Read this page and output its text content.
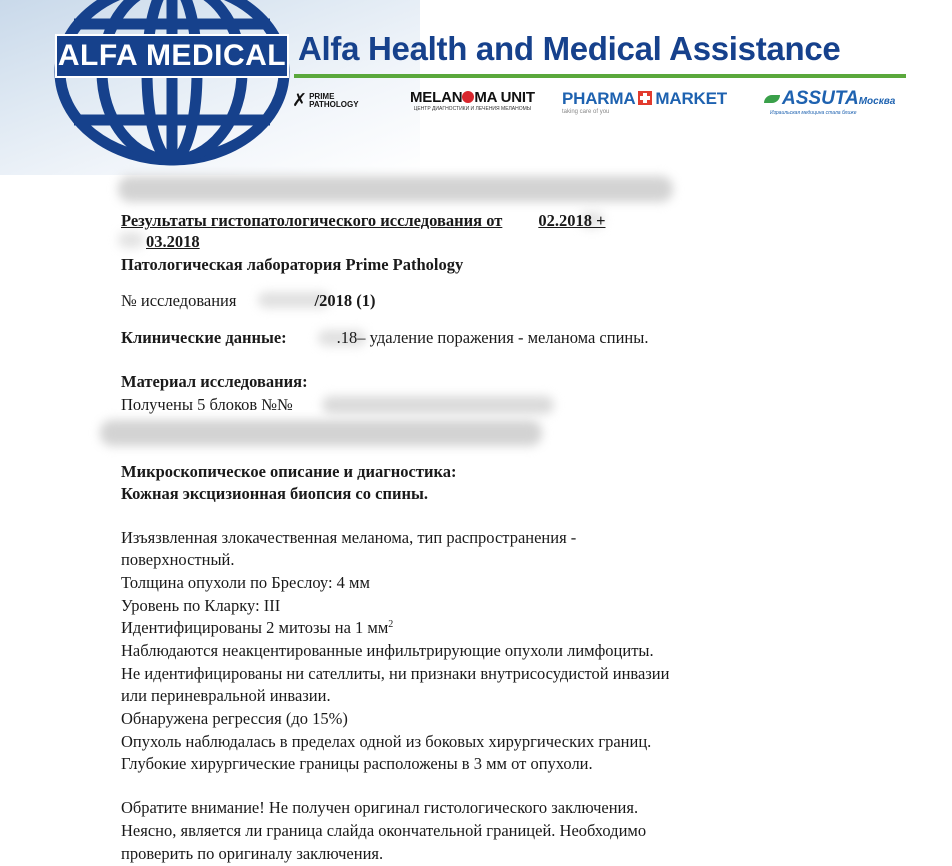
ALFA MEDICAL Alfa Health and Medical Assistance
✗ PRIME
PATHOLOGY	MELAN MA UNIT
ЦЕНТР ДИАГНОСТИКИ И ЛЕЧЕНИЯ МЕЛАНОМЫ
PHARMA MARKET
taking care of you
ASSUTAМосква
Израильская медицина стала ближе
Результаты гистопатологического исследования от 02.2018 +
03.2018
Патологическая лаборатория Prime Pathology
№ исследования	/2018 (1)
Клинические данные:	.18– удаление поражения - меланома спины.
Материал исследования:
Получены 5 блоков №№
Микроскопическое описание и диагностика:
Кожная эксцизионная биопсия со спины.
Изъязвленная злокачественная меланома, тип распространения -
поверхностный.
Толщина опухоли по Бреслоу: 4 мм
Уровень по Кларку: III
Идентифицированы 2 митозы на 1 $мм^2$
Наблюдаются неакцентированные инфильтрирующие опухоли лимфоциты.
Не идентифицированы ни сателлиты, ни признаки внутрисосудистой инвазии
или периневральной инвазии.
Обнаружена регрессия (до 15%)
Опухоль наблюдалась в пределах одной из боковых хирургических границ.
Глубокие хирургические границы расположены в 3 мм от опухоли.
Обратите внимание! Не получен оригинал гистологического заключения.
Неясно, является ли граница слайда окончательной границей. Необходимо
проверить по оригиналу заключения.
